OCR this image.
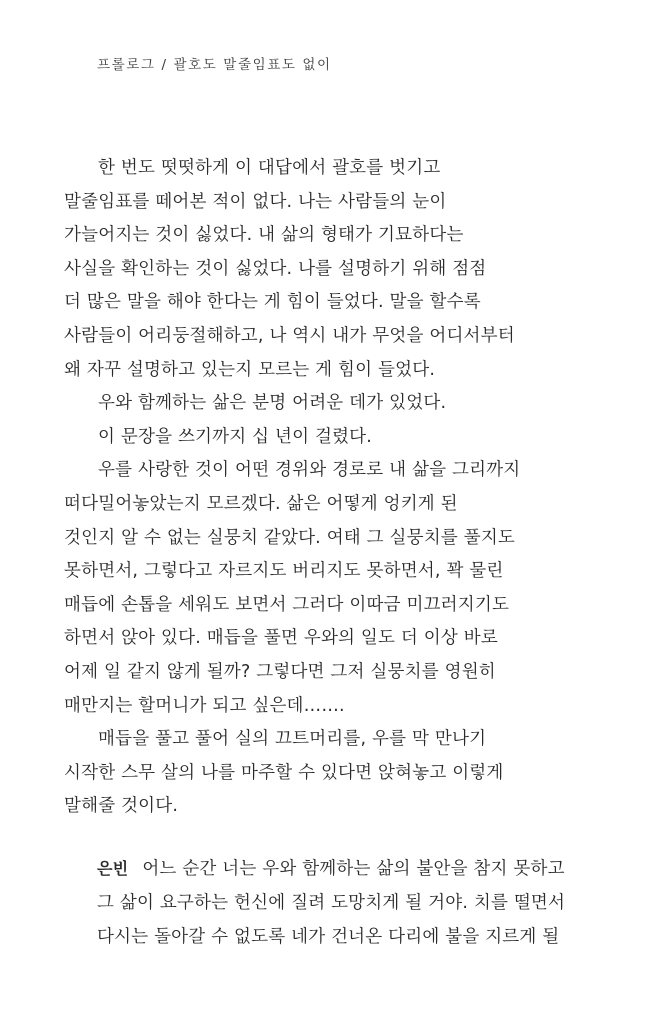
프롤로그 / 괄호도 말줄임표도 없이
한 번도 떳떳하게 이 대답에서 괄호를 벗기고
말줄임표를 떼어본 적이 없다. 나는 사람들의 눈이
가늘어지는 것이 싫었다. 내 삶의 형태가 기묘하다는
사실을 확인하는 것이 싫었다. 나를 설명하기 위해 점점
더 많은 말을 해야 한다는 게 힘이 들었다. 말을 할수록
사람들이 어리둥절해하고, 나 역시 내가 무엇을 어디서부터
왜 자꾸 설명하고 있는지 모르는 게 힘이 들었다.
우와 함께하는 삶은 분명 어려운 데가 있었다.
이 문장을 쓰기까지 십 년이 걸렸다.
우를 사랑한 것이 어떤 경위와 경로로 내 삶을 그리까지
떠다밀어놓았는지 모르겠다. 삶은 어떻게 엉키게 된
것인지 알 수 없는 실뭉치 같았다. 여태 그 실뭉치를 풀지도
못하면서, 그렇다고 자르지도 버리지도 못하면서, 꽉 물린
매듭에 손톱을 세워도 보면서 그러다 이따금 미끄러지기도
하면서 앉아 있다. 매듭을 풀면 우와의 일도 더 이상 바로
어제 일 같지 않게 될까? 그렇다면 그저 실뭉치를 영원히
매만지는 할머니가 되고 싶은데…….
매듭을 풀고 풀어 실의 끄트머리를, 우를 막 만나기
시작한 스무 살의 나를 마주할 수 있다면 앉혀놓고 이렇게
말해줄 것이다.
은빈 어느 순간 너는 우와 함께하는 삶의 불안을 참지 못하고
그 삶이 요구하는 헌신에 질려 도망치게 될 거야. 치를 떨면서
다시는 돌아갈 수 없도록 네가 건너온 다리에 불을 지르게 될
